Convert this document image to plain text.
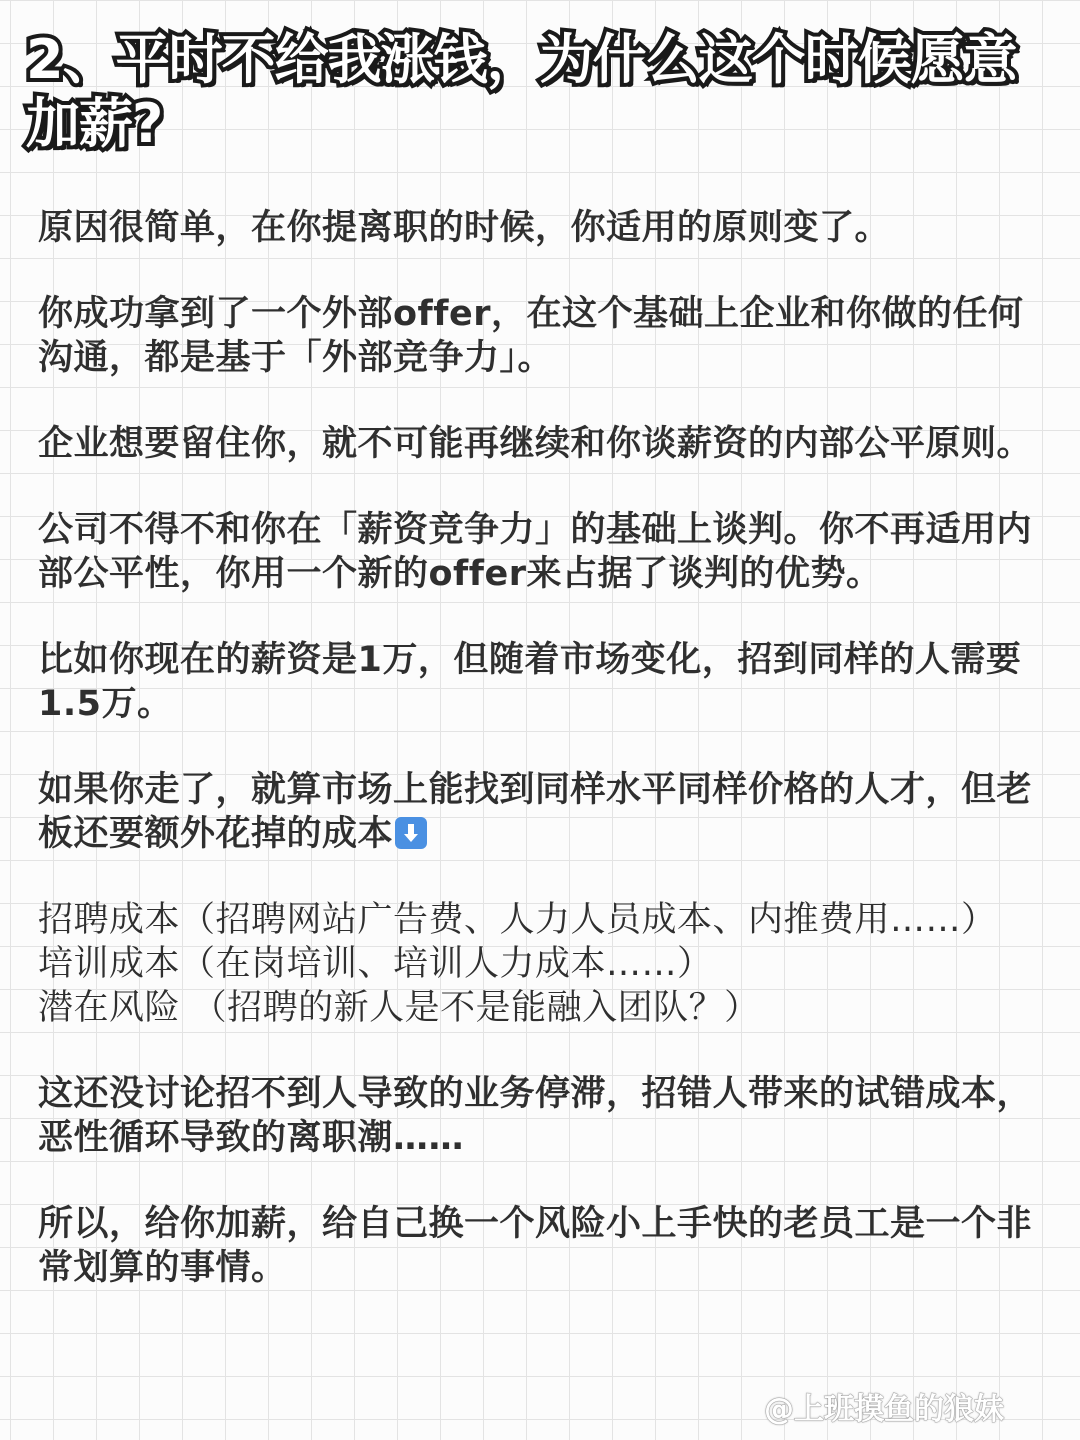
2、平时不给我涨钱，为什么这个时候愿意加薪?

原因很简单，在你提离职的时候，你适用的原则变了。

你成功拿到了一个外部offer，在这个基础上企业和你做的任何沟通，都是基于「外部竞争力」。

企业想要留住你，就不可能再继续和你谈薪资的内部公平原则。

公司不得不和你在「薪资竞争力」的基础上谈判。你不再适用内部公平性，你用一个新的offer来占据了谈判的优势。

比如你现在的薪资是1万，但随着市场变化，招到同样的人需要1.5万。

如果你走了，就算市场上能找到同样水平同样价格的人才，但老板还要额外花掉的成本

招聘成本（招聘网站广告费、人力人员成本、内推费用……）
培训成本（在岗培训、培训人力成本……）
潜在风险 （招聘的新人是不是能融入团队？）

这还没讨论招不到人导致的业务停滞，招错人带来的试错成本，恶性循环导致的离职潮……

所以，给你加薪，给自己换一个风险小上手快的老员工是一个非常划算的事情。

@上班摸鱼的狼妹
